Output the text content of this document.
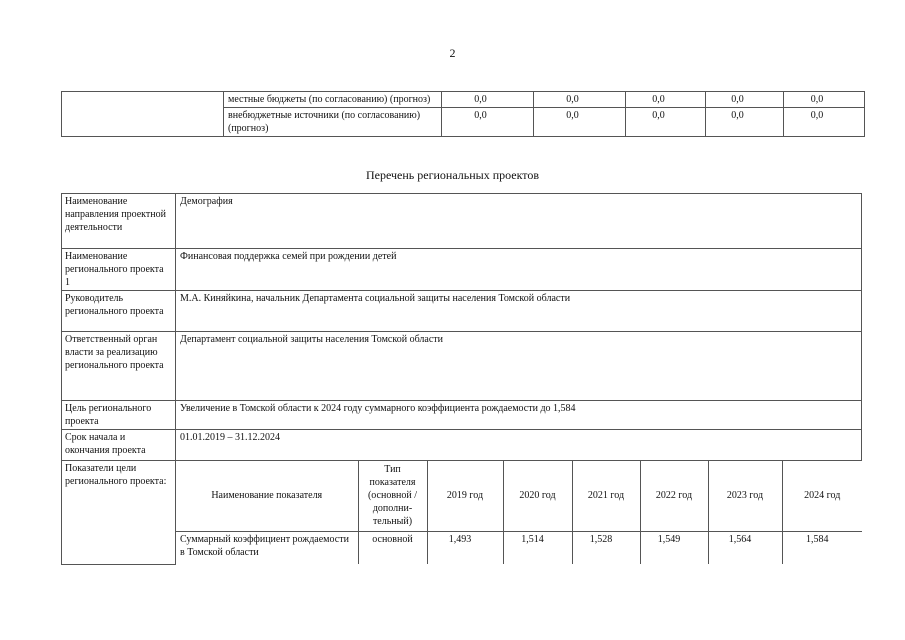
2
	местные бюджеты (по согласованию) (прогноз)	0,0	0,0	0,0	0,0	0,0
	внебюджетные источники (по согласованию) (прогноз)	0,0	0,0	0,0	0,0	0,0
Перечень региональных проектов
Наименование направления проектной деятельности	Демография
Наименование регионального проекта 1	Финансовая поддержка семей при рождении детей
Руководитель регионального проекта	М.А. Киняйкина, начальник Департамента социальной защиты населения Томской области
Ответственный орган власти за реализацию регионального проекта	Департамент социальной защиты населения Томской области
Цель регионального проекта	Увеличение в Томской области к 2024 году суммарного коэффициента рождаемости до 1,584
Срок начала и окончания проекта	01.01.2019 – 31.12.2024
Показатели цели регионального проекта:	
Наименование показателя	Тип показателя (основной /дополни-тельный)	2019 год	2020 год	2021 год	2022 год	2023 год	2024 год
Суммарный коэффициент рождаемости в Томской области	основной	1,493	1,514	1,528	1,549	1,564	1,584
